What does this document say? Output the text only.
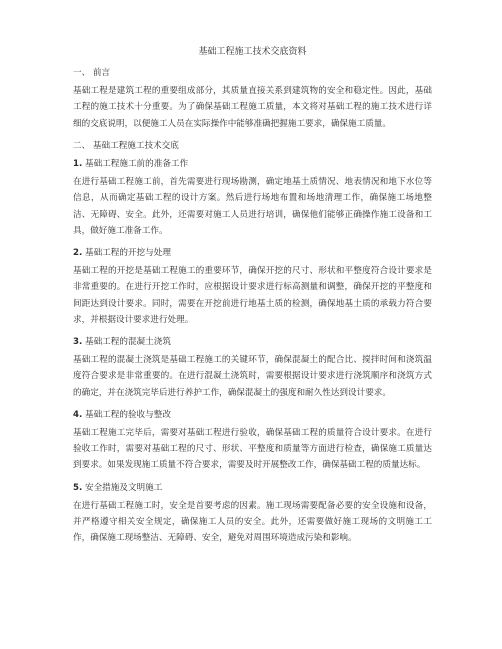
基础工程施工技术交底资料
一、 前言
基础工程是建筑工程的重要组成部分，其质量直接关系到建筑物的安全和稳定性。因此，基础工程的施工技术十分重要。为了确保基础工程施工质量，本文将对基础工程的施工技术进行详细的交底说明，以便施工人员在实际操作中能够准确把握施工要求，确保施工质量。
二、 基础工程施工技术交底
1. 基础工程施工前的准备工作
在进行基础工程施工前，首先需要进行现场勘测，确定地基土质情况、地表情况和地下水位等信息，从而确定基础工程的设计方案。然后进行场地布置和场地清理工作，确保施工场地整洁、无障碍、安全。此外，还需要对施工人员进行培训，确保他们能够正确操作施工设备和工具，做好施工准备工作。
2. 基础工程的开挖与处理
基础工程的开挖是基础工程施工的重要环节，确保开挖的尺寸、形状和平整度符合设计要求是非常重要的。在进行开挖工作时，应根据设计要求进行标高测量和调整，确保开挖的平整度和间距达到设计要求。同时，需要在开挖前进行地基土质的检测，确保地基土质的承载力符合要求，并根据设计要求进行处理。
3. 基础工程的混凝土浇筑
基础工程的混凝土浇筑是基础工程施工的关键环节，确保混凝土的配合比、搅拌时间和浇筑温度符合要求是非常重要的。在进行混凝土浇筑时，需要根据设计要求进行浇筑顺序和浇筑方式的确定，并在浇筑完毕后进行养护工作，确保混凝土的强度和耐久性达到设计要求。
4. 基础工程的验收与整改
基础工程施工完毕后，需要对基础工程进行验收，确保基础工程的质量符合设计要求。在进行验收工作时，需要对基础工程的尺寸、形状、平整度和质量等方面进行检查，确保施工质量达到要求。如果发现施工质量不符合要求，需要及时开展整改工作，确保基础工程的质量达标。
5. 安全措施及文明施工
在进行基础工程施工时，安全是首要考虑的因素。施工现场需要配备必要的安全设施和设备，并严格遵守相关安全规定，确保施工人员的安全。此外，还需要做好施工现场的文明施工工作，确保施工现场整洁、无障碍、安全，避免对周围环境造成污染和影响。
